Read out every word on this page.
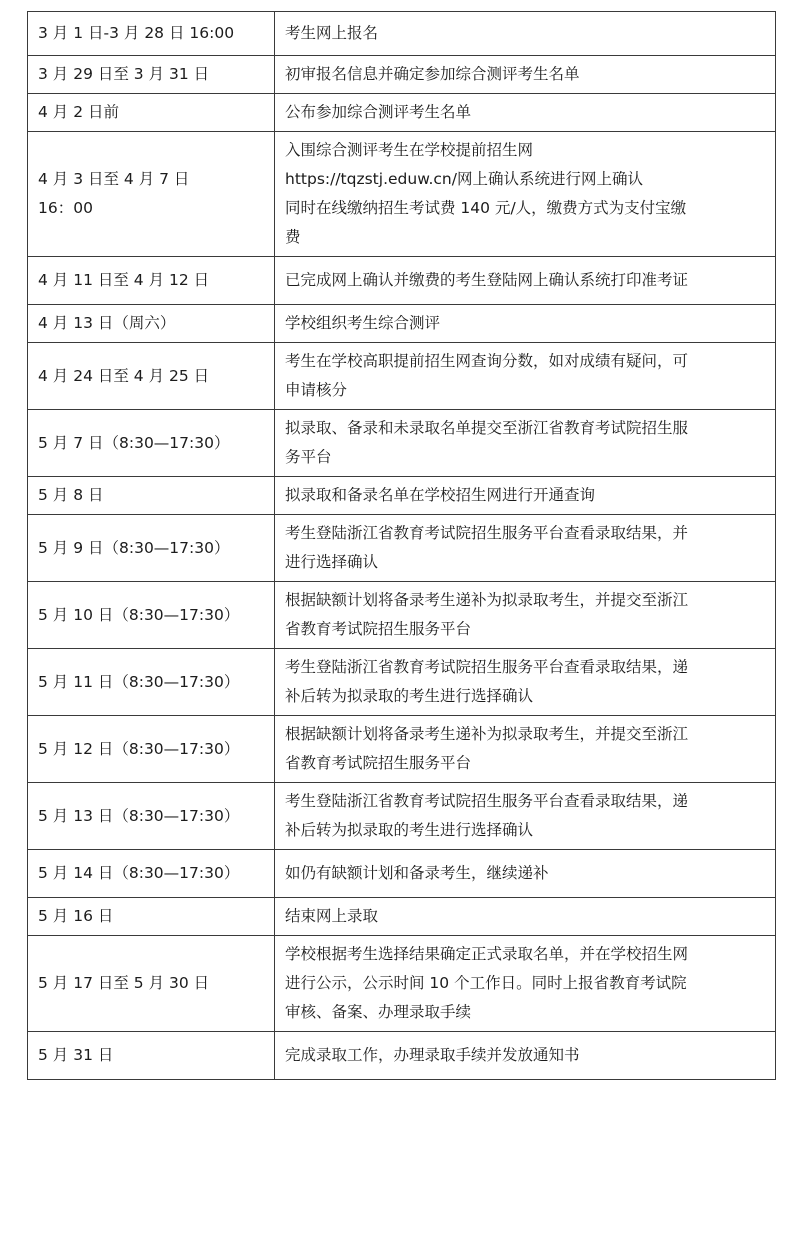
3 月 1 日-3 月 28 日 16:00	考生网上报名

3 月 29 日至 3 月 31 日	初审报名信息并确定参加综合测评考生名单

4 月 2 日前	公布参加综合测评考生名单

4 月 3 日至 4 月 7 日
16：00	入围综合测评考生在学校提前招生网
https://tqzstj.eduw.cn/网上确认系统进行网上确认
同时在线缴纳招生考试费 140 元/人，缴费方式为支付宝缴
费

4 月 11 日至 4 月 12 日	已完成网上确认并缴费的考生登陆网上确认系统打印准考证

4 月 13 日（周六）	学校组织考生综合测评

4 月 24 日至 4 月 25 日	考生在学校高职提前招生网查询分数，如对成绩有疑问，可
申请核分

5 月 7 日（8:30—17:30）	拟录取、备录和未录取名单提交至浙江省教育考试院招生服
务平台

5 月 8 日	拟录取和备录名单在学校招生网进行开通查询

5 月 9 日（8:30—17:30）	考生登陆浙江省教育考试院招生服务平台查看录取结果，并
进行选择确认

5 月 10 日（8:30—17:30）	根据缺额计划将备录考生递补为拟录取考生，并提交至浙江
省教育考试院招生服务平台

5 月 11 日（8:30—17:30）	考生登陆浙江省教育考试院招生服务平台查看录取结果，递
补后转为拟录取的考生进行选择确认

5 月 12 日（8:30—17:30）	根据缺额计划将备录考生递补为拟录取考生，并提交至浙江
省教育考试院招生服务平台

5 月 13 日（8:30—17:30）	考生登陆浙江省教育考试院招生服务平台查看录取结果，递
补后转为拟录取的考生进行选择确认

5 月 14 日（8:30—17:30）	如仍有缺额计划和备录考生，继续递补

5 月 16 日	结束网上录取

5 月 17 日至 5 月 30 日	学校根据考生选择结果确定正式录取名单，并在学校招生网
进行公示，公示时间 10 个工作日。同时上报省教育考试院
审核、备案、办理录取手续

5 月 31 日	完成录取工作，办理录取手续并发放通知书
